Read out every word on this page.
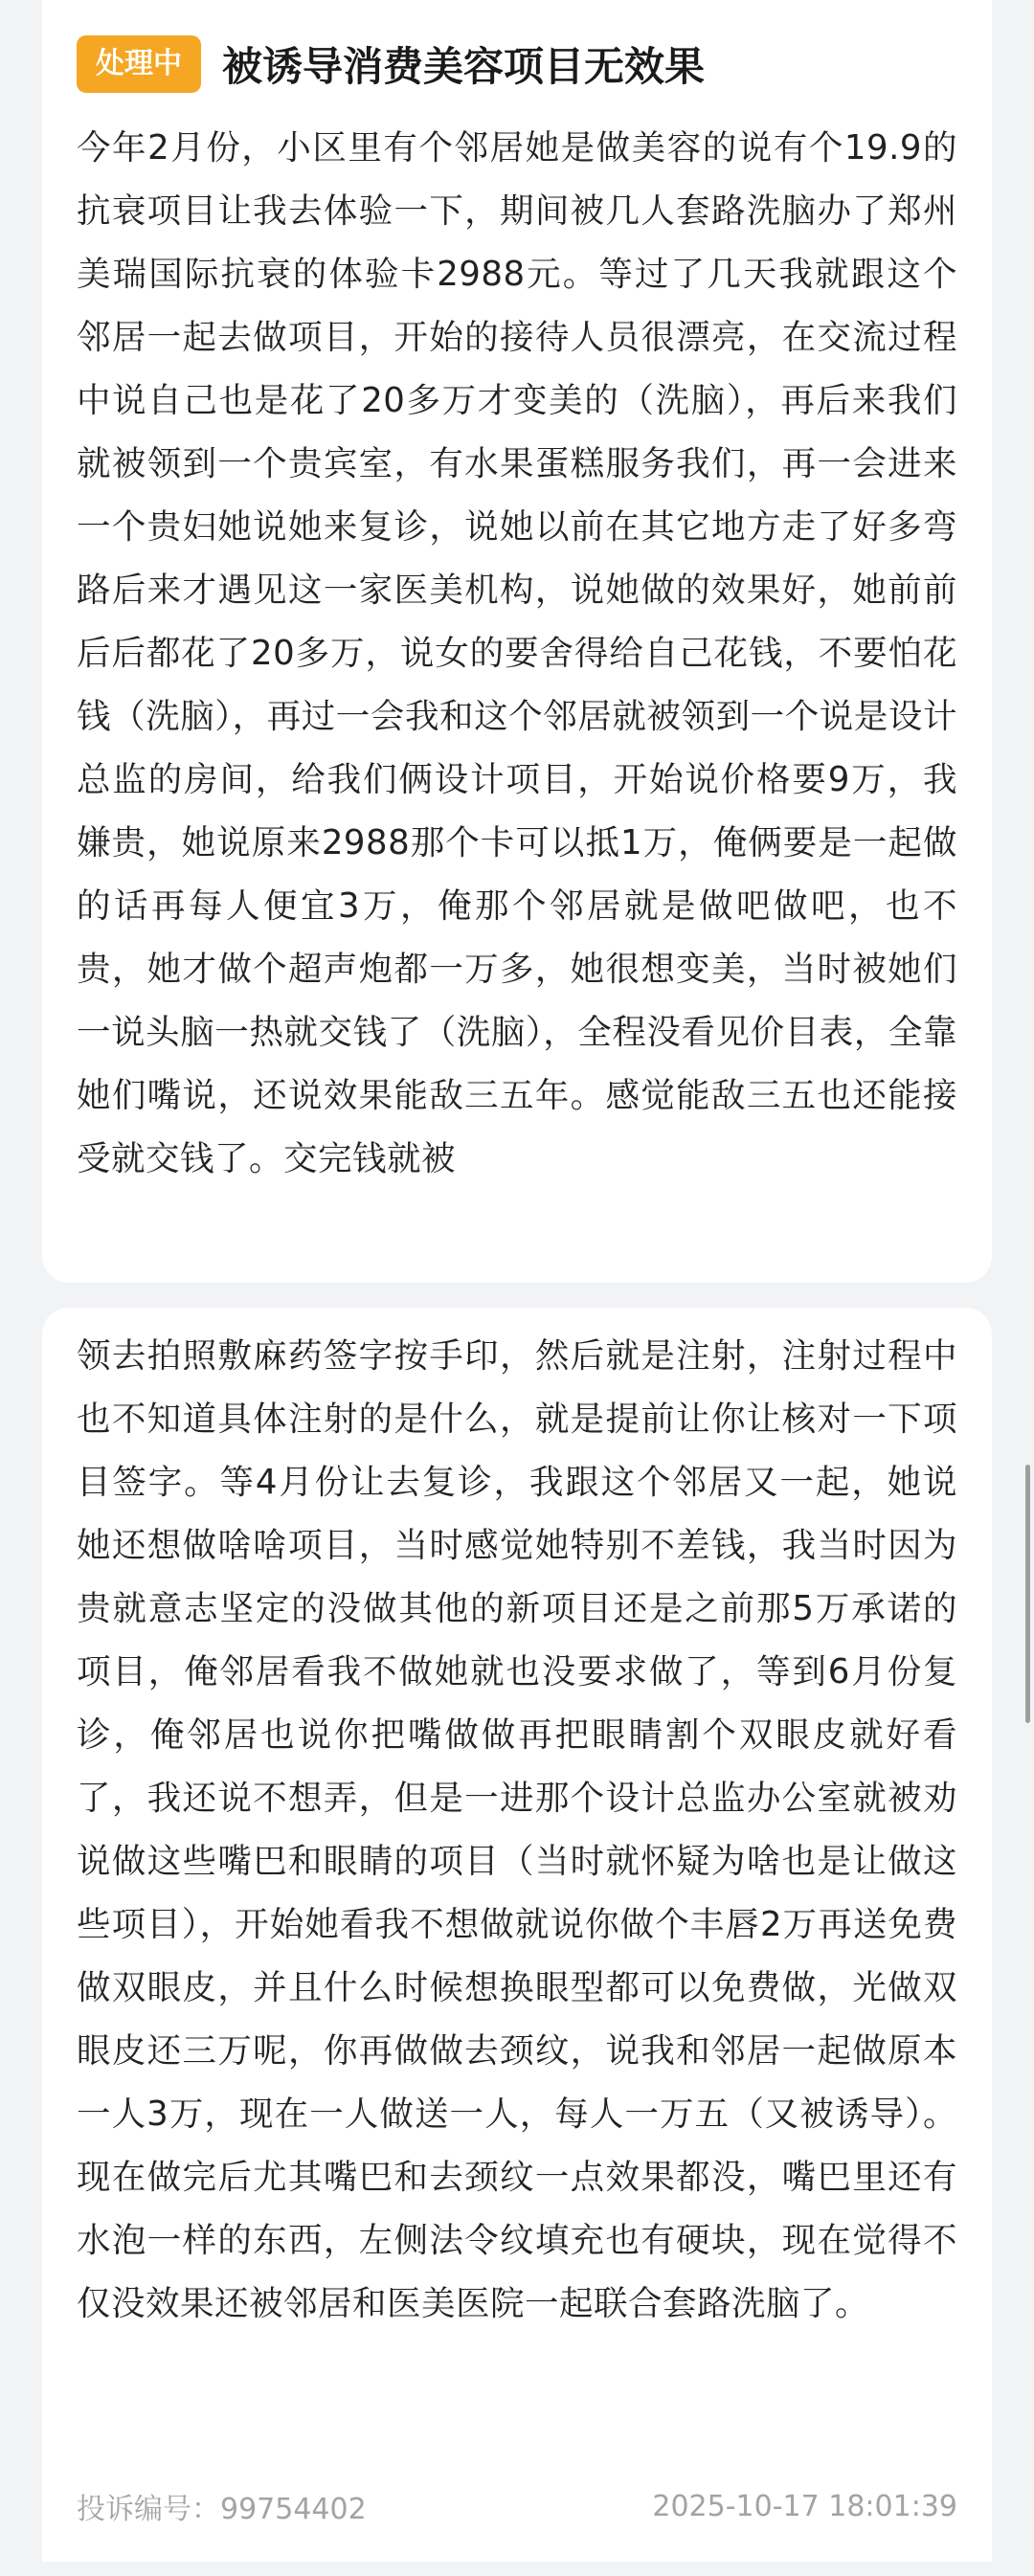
处理中	被诱导消费美容项目无效果

今年2月份，小区里有个邻居她是做美容的说有个19.9的抗衰项目让我去体验一下，期间被几人套路洗脑办了郑州美瑞国际抗衰的体验卡2988元。等过了几天我就跟这个邻居一起去做项目，开始的接待人员很漂亮，在交流过程中说自己也是花了20多万才变美的（洗脑），再后来我们就被领到一个贵宾室，有水果蛋糕服务我们，再一会进来一个贵妇她说她来复诊，说她以前在其它地方走了好多弯路后来才遇见这一家医美机构，说她做的效果好，她前前后后都花了20多万，说女的要舍得给自己花钱，不要怕花钱（洗脑），再过一会我和这个邻居就被领到一个说是设计总监的房间，给我们俩设计项目，开始说价格要9万，我嫌贵，她说原来2988那个卡可以抵1万，俺俩要是一起做的话再每人便宜3万，俺那个邻居就是做吧做吧，也不贵，她才做个超声炮都一万多，她很想变美，当时被她们一说头脑一热就交钱了（洗脑），全程没看见价目表，全靠她们嘴说，还说效果能敌三五年。感觉能敌三五也还能接受就交钱了。交完钱就被

领去拍照敷麻药签字按手印，然后就是注射，注射过程中也不知道具体注射的是什么，就是提前让你让核对一下项目签字。等4月份让去复诊，我跟这个邻居又一起，她说她还想做啥啥项目，当时感觉她特别不差钱，我当时因为贵就意志坚定的没做其他的新项目还是之前那5万承诺的项目，俺邻居看我不做她就也没要求做了，等到6月份复诊，俺邻居也说你把嘴做做再把眼睛割个双眼皮就好看了，我还说不想弄，但是一进那个设计总监办公室就被劝说做这些嘴巴和眼睛的项目（当时就怀疑为啥也是让做这些项目），开始她看我不想做就说你做个丰唇2万再送免费做双眼皮，并且什么时候想换眼型都可以免费做，光做双眼皮还三万呢，你再做做去颈纹，说我和邻居一起做原本一人3万，现在一人做送一人，每人一万五（又被诱导）。现在做完后尤其嘴巴和去颈纹一点效果都没，嘴巴里还有水泡一样的东西，左侧法令纹填充也有硬块，现在觉得不仅没效果还被邻居和医美医院一起联合套路洗脑了。

投诉编号：99754402	2025-10-17 18:01:39
